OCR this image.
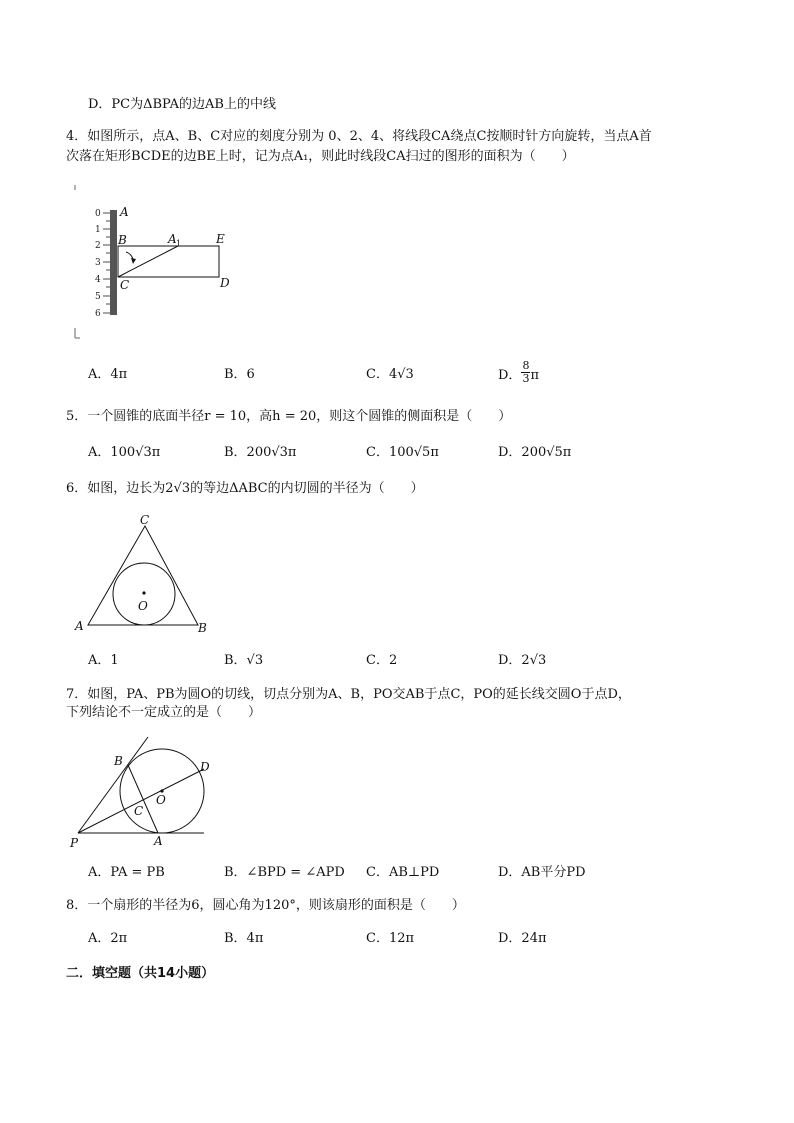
D．PC为ΔBPA的边AB上的中线
4．如图所示，点A、B、C对应的刻度分别为 0、2、4、将线段CA绕点C按顺时针方向旋转，当点A首
次落在矩形BCDE的边BE上时，记为点A₁，则此时线段CA扫过的图形的面积为（　　）
0
1
2
3
4
5
6
A
B	A 1	E
C	D
A．4π	B．6	C．4√3	D． $\frac{8}{3}$ π
5．一个圆锥的底面半径r = 10，高h = 20，则这个圆锥的侧面积是（　　）
A．100√3π	B．200√3π	C．100√5π	D．200√5π
6．如图，边长为2√3的等边ΔABC的内切圆的半径为（　　）
C
A	B
O
A．1	B．√3	C．2	D．2√3
7．如图，PA、PB为圆O的切线，切点分别为A、B，PO交AB于点C，PO的延长线交圆O于点D，
下列结论不一定成立的是（　　）
P	A
B
C
O
D
A．PA = PB	B．∠BPD = ∠APD C．AB⊥PD	D．AB平分PD
8．一个扇形的半径为6，圆心角为120°，则该扇形的面积是（　　）
A．2π	B．4π	C．12π	D．24π
二．填空题（共14小题）
